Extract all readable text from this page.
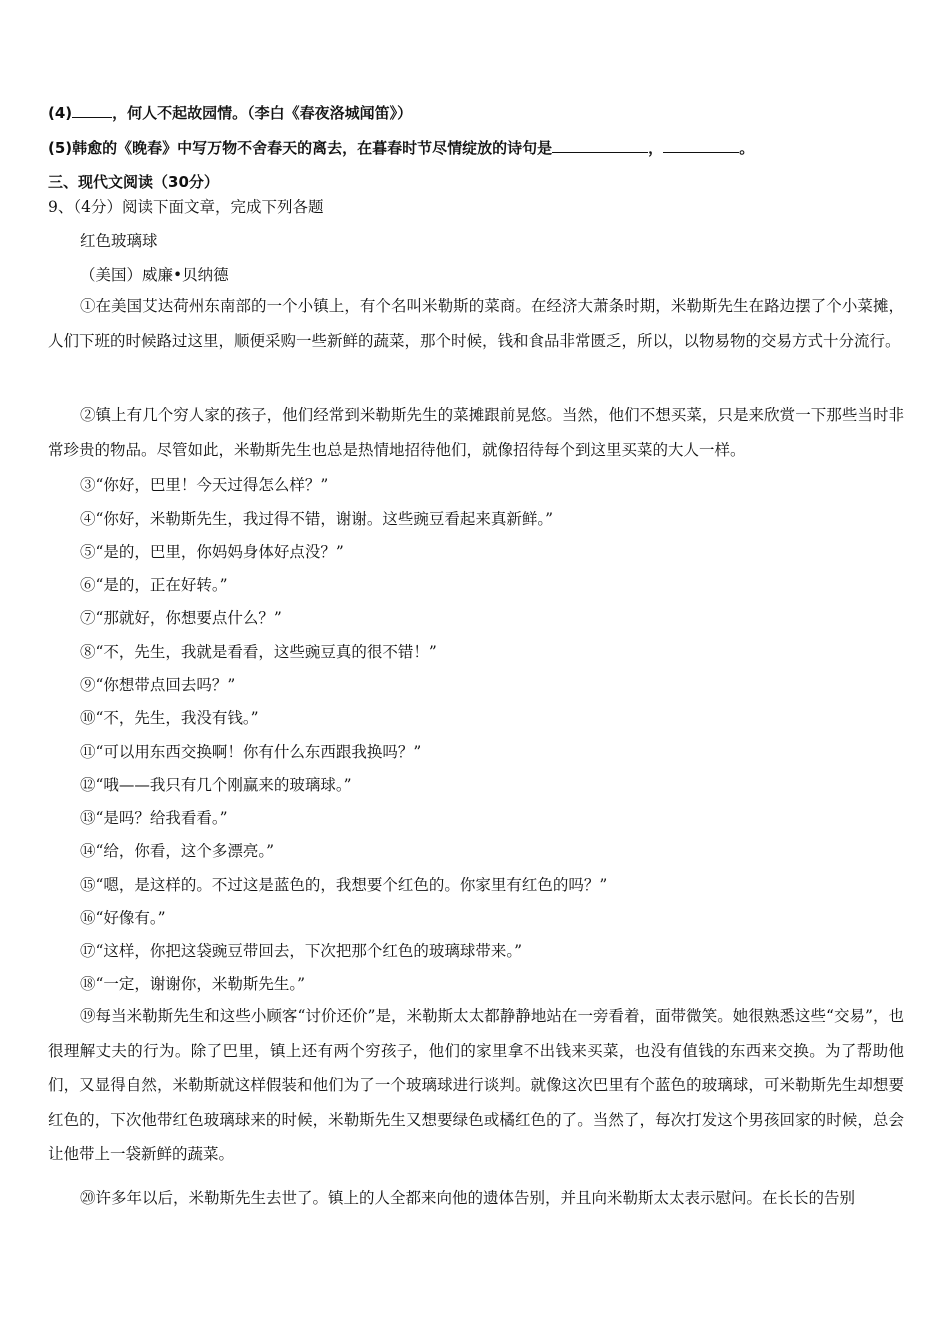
(4)	，何人不起故园情。（李白《春夜洛城闻笛》）
(5)韩愈的《晚春》中写万物不舍春天的离去，在暮春时节尽情绽放的诗句是	，	。
三、现代文阅读（30分）
9、（4分）阅读下面文章，完成下列各题
红色玻璃球
（美国）威廉•贝纳德
①在美国艾达荷州东南部的一个小镇上，有个名叫米勒斯的菜商。在经济大萧条时期，米勒斯先生在路边摆了个小菜摊，人们下班的时候路过这里，顺便采购一些新鲜的蔬菜，那个时候，钱和食品非常匮乏，所以，以物易物的交易方式十分流行。
②镇上有几个穷人家的孩子，他们经常到米勒斯先生的菜摊跟前晃悠。当然，他们不想买菜，只是来欣赏一下那些当时非常珍贵的物品。尽管如此，米勒斯先生也总是热情地招待他们，就像招待每个到这里买菜的大人一样。
③“你好，巴里！今天过得怎么样？”
④“你好，米勒斯先生，我过得不错，谢谢。这些豌豆看起来真新鲜。”
⑤“是的，巴里，你妈妈身体好点没？”
⑥“是的，正在好转。”
⑦“那就好，你想要点什么？”
⑧“不，先生，我就是看看，这些豌豆真的很不错！”
⑨“你想带点回去吗？”
⑩“不，先生，我没有钱。”
⑪“可以用东西交换啊！你有什么东西跟我换吗？”
⑫“哦——我只有几个刚赢来的玻璃球。”
⑬“是吗？给我看看。”
⑭“给，你看，这个多漂亮。”
⑮“嗯，是这样的。不过这是蓝色的，我想要个红色的。你家里有红色的吗？”
⑯“好像有。”
⑰“这样，你把这袋豌豆带回去，下次把那个红色的玻璃球带来。”
⑱“一定，谢谢你，米勒斯先生。”
⑲每当米勒斯先生和这些小顾客“讨价还价”是，米勒斯太太都静静地站在一旁看着，面带微笑。她很熟悉这些“交易”，也很理解丈夫的行为。除了巴里，镇上还有两个穷孩子，他们的家里拿不出钱来买菜，也没有值钱的东西来交换。为了帮助他们，又显得自然，米勒斯就这样假装和他们为了一个玻璃球进行谈判。就像这次巴里有个蓝色的玻璃球，可米勒斯先生却想要红色的，下次他带红色玻璃球来的时候，米勒斯先生又想要绿色或橘红色的了。当然了，每次打发这个男孩回家的时候，总会让他带上一袋新鲜的蔬菜。
⑳许多年以后，米勒斯先生去世了。镇上的人全都来向他的遗体告别，并且向米勒斯太太表示慰问。在长长的告别
